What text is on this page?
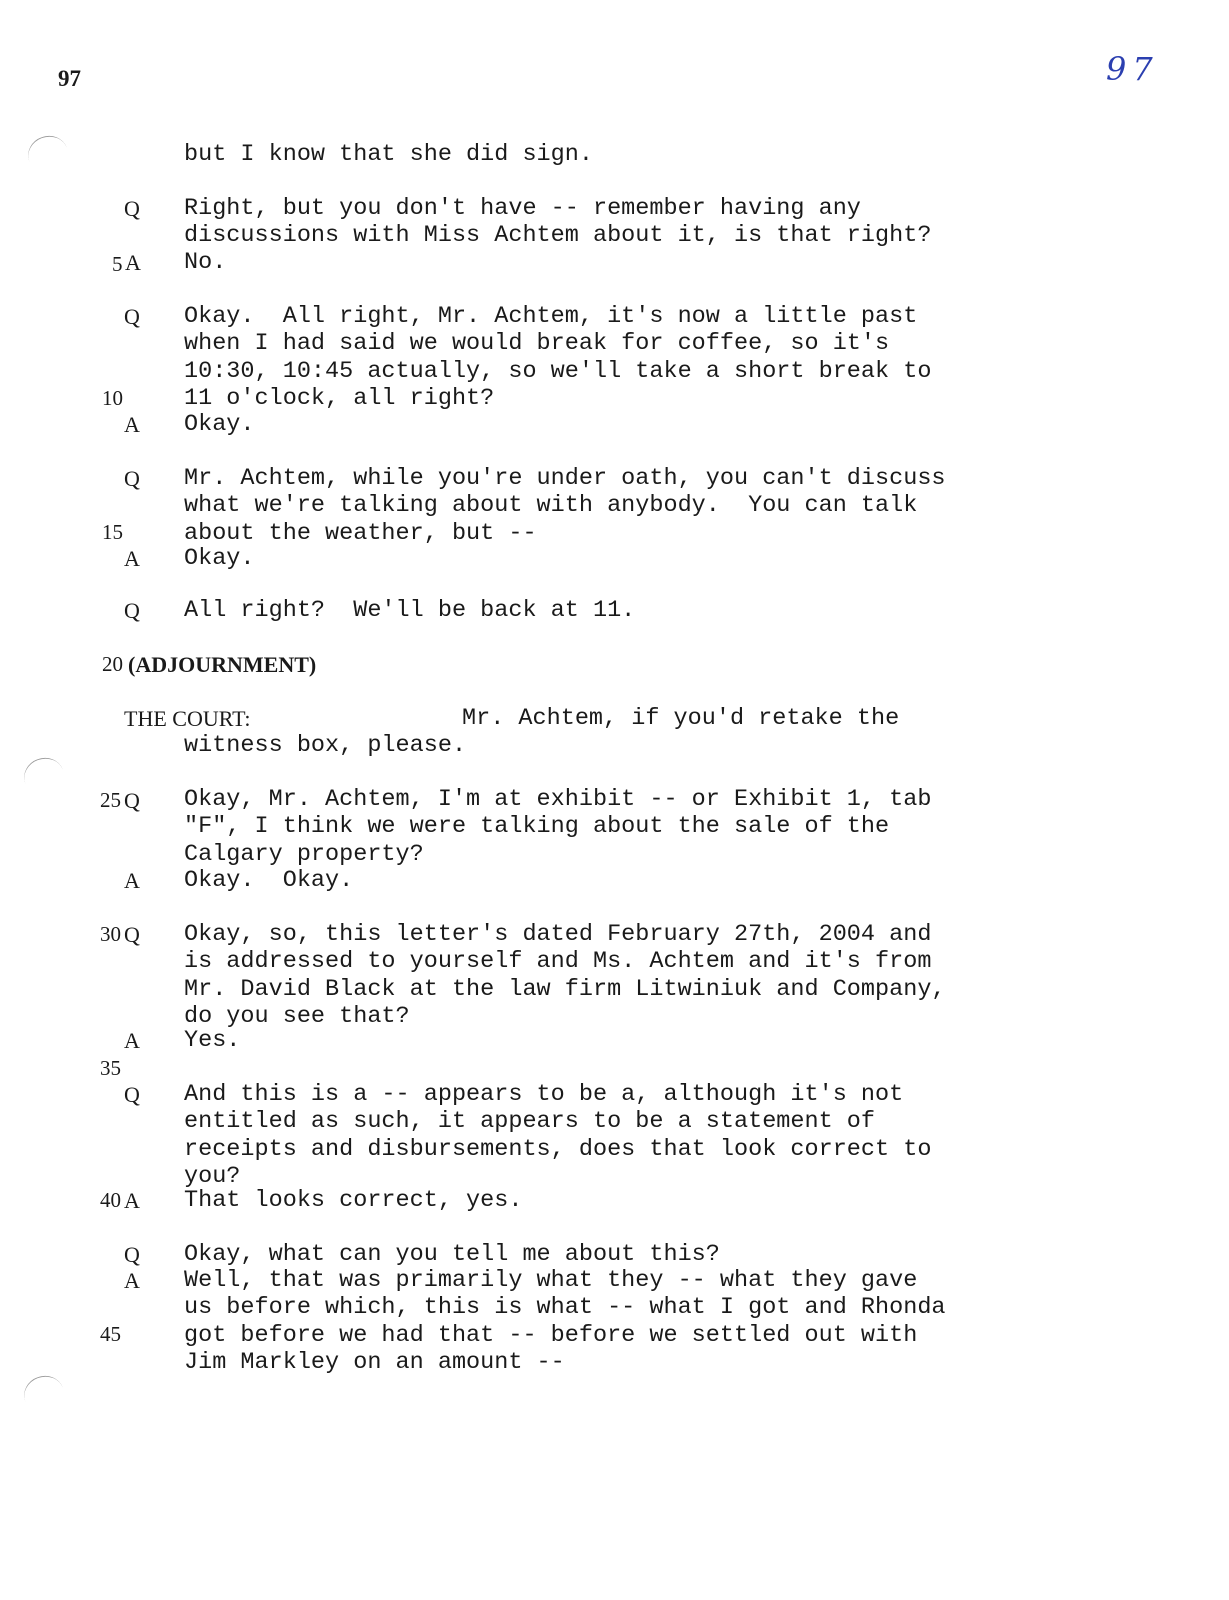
97	97
5
10
15
20
25
30
35
40
45
but I know that she did sign.
Q Right, but you don't have -- remember having any
discussions with Miss Achtem about it, is that right?
A No.
Q Okay.  All right, Mr. Achtem, it's now a little past
when I had said we would break for coffee, so it's
10:30, 10:45 actually, so we'll take a short break to
11 o'clock, all right?
A Okay.
Q Mr. Achtem, while you're under oath, you can't discuss
what we're talking about with anybody.  You can talk
about the weather, but --
A Okay.
Q All right?  We'll be back at 11.
(ADJOURNMENT)
THE COURT:	Mr. Achtem, if you'd retake the
witness box, please.
Q Okay, Mr. Achtem, I'm at exhibit -- or Exhibit 1, tab
"F", I think we were talking about the sale of the
Calgary property?
A Okay.  Okay.
Q Okay, so, this letter's dated February 27th, 2004 and
is addressed to yourself and Ms. Achtem and it's from
Mr. David Black at the law firm Litwiniuk and Company,
do you see that?
A Yes.
Q And this is a -- appears to be a, although it's not
entitled as such, it appears to be a statement of
receipts and disbursements, does that look correct to
you?
A That looks correct, yes.
Q Okay, what can you tell me about this?
A Well, that was primarily what they -- what they gave
us before which, this is what -- what I got and Rhonda
got before we had that -- before we settled out with
Jim Markley on an amount --
